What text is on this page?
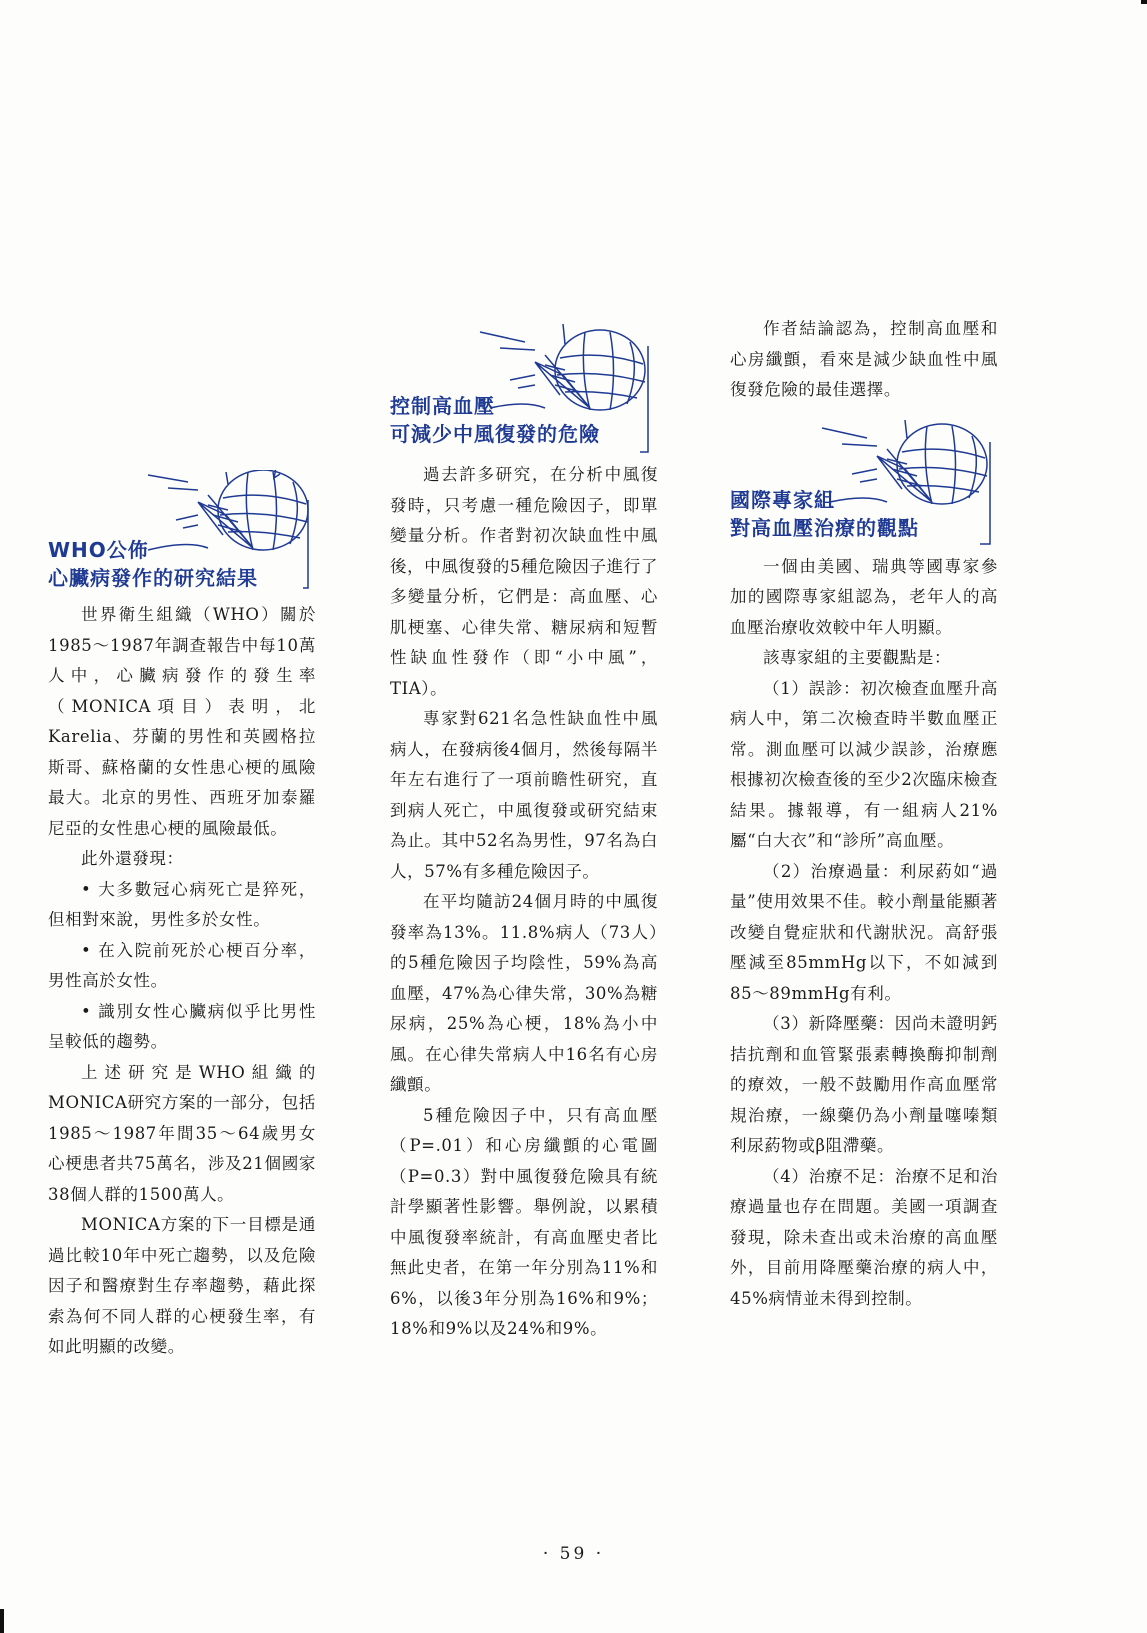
WHO公佈
心臟病發作的研究結果

世界衛生組織（WHO）關於1985～1987年調查報告中每10萬人中，心臟病發作的發生率（MONICA項目）表明，北Karelia、芬蘭的男性和英國格拉斯哥、蘇格蘭的女性患心梗的風險最大。北京的男性、西班牙加泰羅尼亞的女性患心梗的風險最低。

此外還發現：

• 大多數冠心病死亡是猝死，但相對來說，男性多於女性。

• 在入院前死於心梗百分率，男性高於女性。

• 識別女性心臟病似乎比男性呈較低的趨勢。

上述研究是WHO組織的MONICA研究方案的一部分，包括1985～1987年間35～64歲男女心梗患者共75萬名，涉及21個國家38個人群的1500萬人。

MONICA方案的下一目標是通過比較10年中死亡趨勢，以及危險因子和醫療對生存率趨勢，藉此探索為何不同人群的心梗發生率，有如此明顯的改變。

控制高血壓
可減少中風復發的危險

過去許多研究，在分析中風復發時，只考慮一種危險因子，即單變量分析。作者對初次缺血性中風後，中風復發的5種危險因子進行了多變量分析，它們是：高血壓、心肌梗塞、心律失常、糖尿病和短暫性缺血性發作（即“小中風”，TIA）。

專家對621名急性缺血性中風病人，在發病後4個月，然後每隔半年左右進行了一項前瞻性研究，直到病人死亡，中風復發或研究結束為止。其中52名為男性，97名為白人，57%有多種危險因子。

在平均隨訪24個月時的中風復發率為13%。11.8%病人（73人）的5種危險因子均陰性，59%為高血壓，47%為心律失常，30%為糖尿病，25%為心梗，18%為小中風。在心律失常病人中16名有心房纖顫。

5種危險因子中，只有高血壓（P=.01）和心房纖顫的心電圖（P=0.3）對中風復發危險具有統計學顯著性影響。舉例說，以累積中風復發率統計，有高血壓史者比無此史者，在第一年分別為11%和6%，以後3年分別為16%和9%；18%和9%以及24%和9%。

作者結論認為，控制高血壓和心房纖顫，看來是減少缺血性中風復發危險的最佳選擇。

國際專家組
對高血壓治療的觀點

一個由美國、瑞典等國專家參加的國際專家組認為，老年人的高血壓治療收效較中年人明顯。

該專家組的主要觀點是：

（1）誤診：初次檢查血壓升高病人中，第二次檢查時半數血壓正常。測血壓可以減少誤診，治療應根據初次檢查後的至少2次臨床檢查結果。據報導，有一組病人21%屬“白大衣”和“診所”高血壓。

（2）治療過量：利尿葯如“過量”使用效果不佳。較小劑量能顯著改變自覺症狀和代謝狀況。高舒張壓減至85mmHg以下，不如減到85～89mmHg有利。

（3）新降壓藥：因尚未證明鈣拮抗劑和血管緊張素轉換酶抑制劑的療效，一般不鼓勵用作高血壓常規治療，一線藥仍為小劑量噻嗪類利尿葯物或β阻滯藥。

（4）治療不足：治療不足和治療過量也存在問題。美國一項調查發現，除未查出或未治療的高血壓外，目前用降壓藥治療的病人中，45%病情並未得到控制。

· 59 ·
